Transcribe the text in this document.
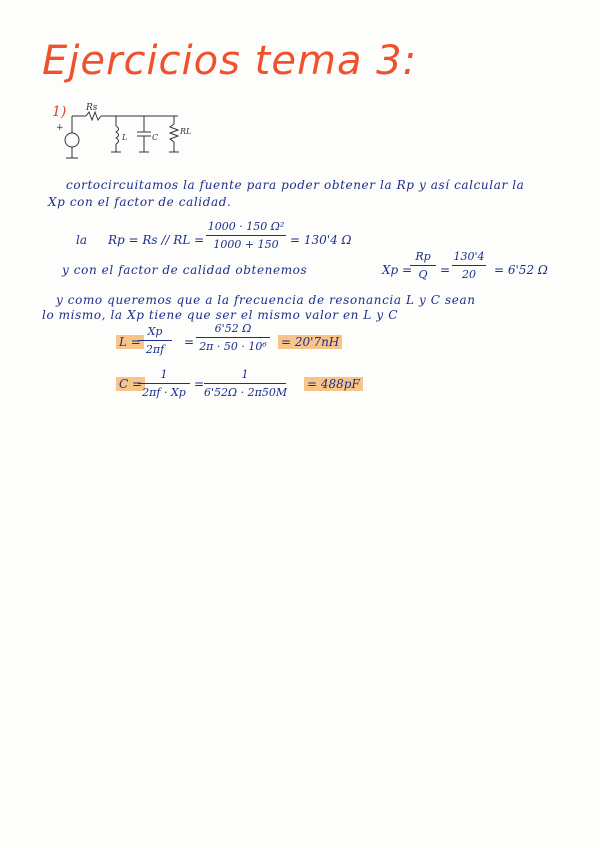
Ejercicios tema 3:
1) Rs
+
L	C
RL
cortocircuitamos la fuente para poder obtener la Rp y así calcular la
Xp con el factor de calidad.
la Rp = Rs // RL =
1000 · 150 Ω²
1000 + 150 = 130'4 Ω
y con el factor de calidad obtenemos	Xp =
Rp
Q	=
130'4
20	= 6'52 Ω
y como queremos que a la frecuencia de resonancia L y C sean
lo mismo, la Xp tiene que ser el mismo valor en L y C
L =
Xp
2πf
=
6'52 Ω
2π · 50 · 10⁶ = 20'7nH
C =
1
2πf · Xp
=
1
6'52Ω · 2π50M
= 488pF
